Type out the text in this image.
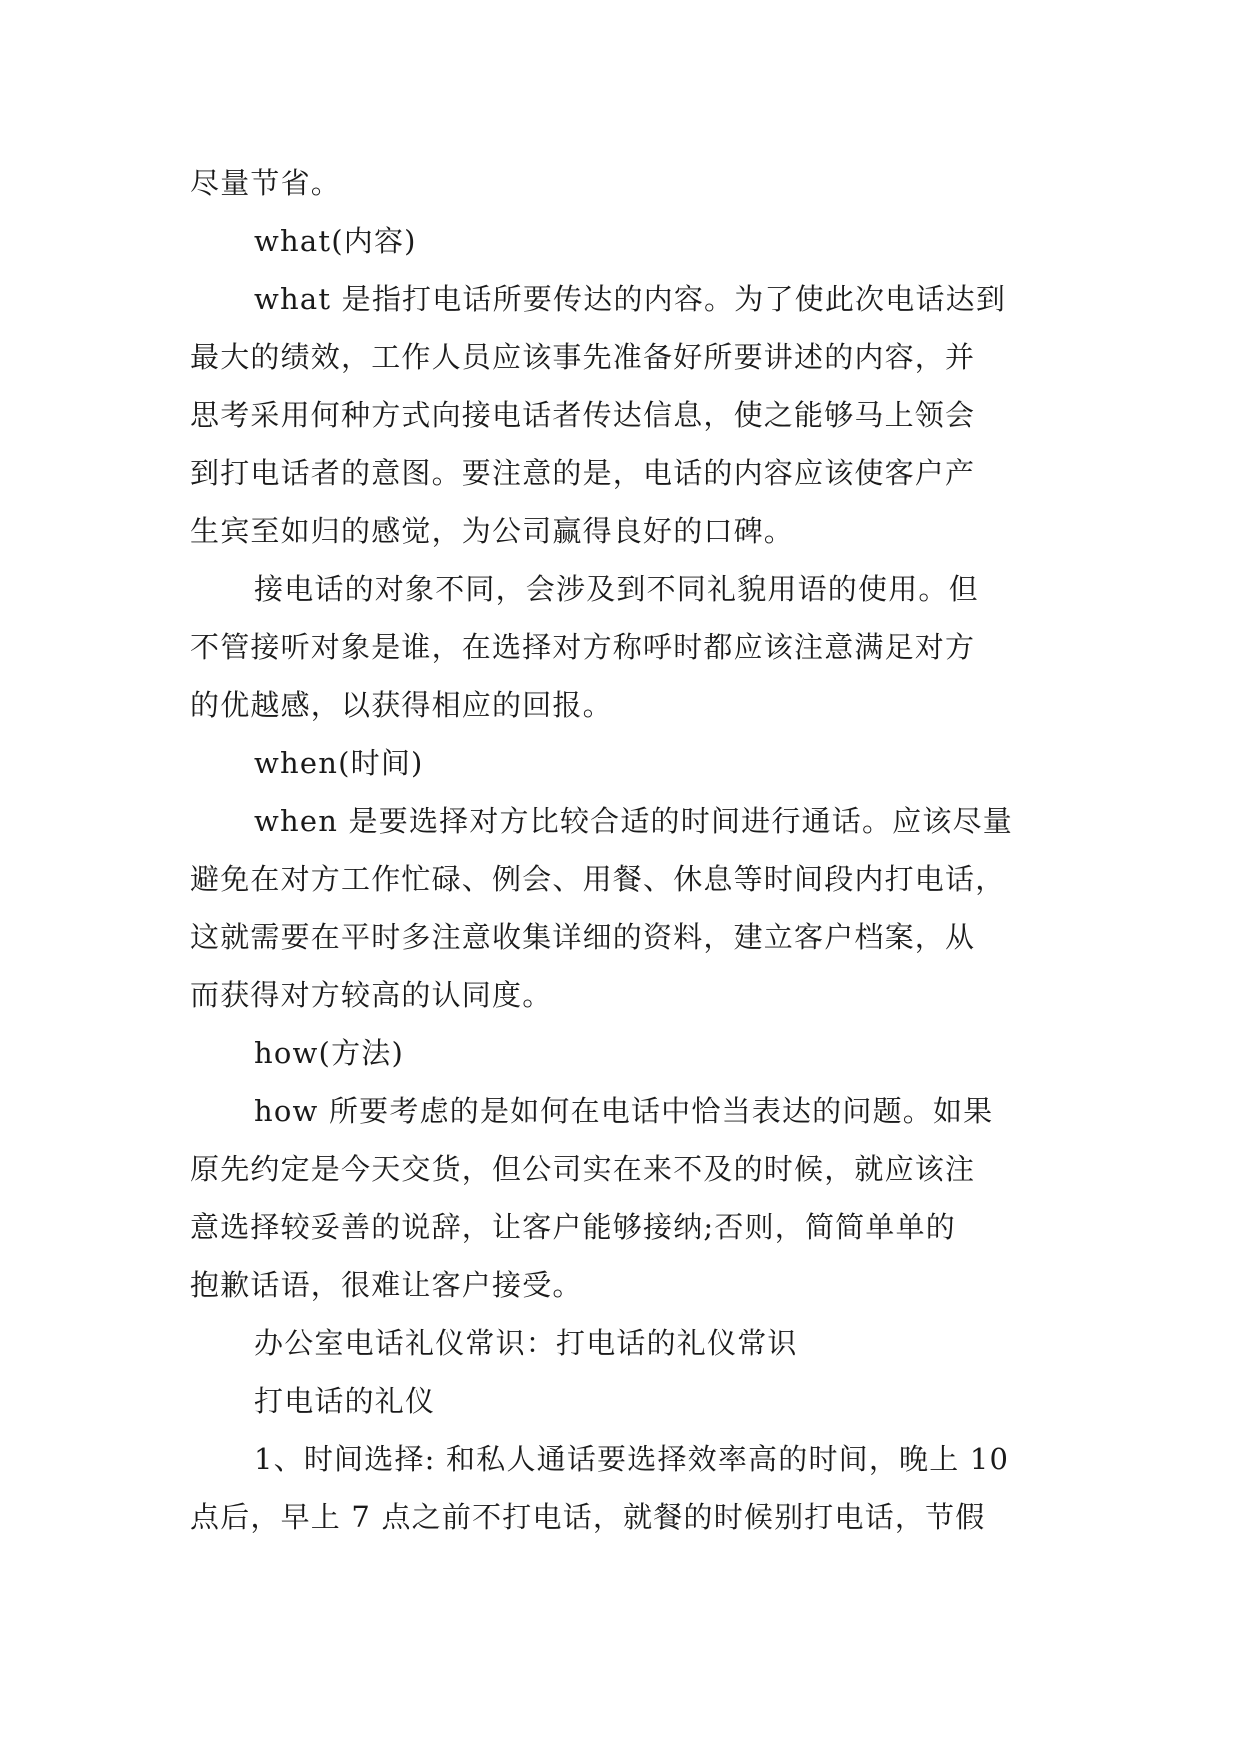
尽量节省。
what(内容)
what 是指打电话所要传达的内容。为了使此次电话达到
最大的绩效，工作人员应该事先准备好所要讲述的内容，并
思考采用何种方式向接电话者传达信息，使之能够马上领会
到打电话者的意图。要注意的是，电话的内容应该使客户产
生宾至如归的感觉，为公司赢得良好的口碑。
接电话的对象不同，会涉及到不同礼貌用语的使用。但
不管接听对象是谁，在选择对方称呼时都应该注意满足对方
的优越感，以获得相应的回报。
when(时间)
when 是要选择对方比较合适的时间进行通话。应该尽量
避免在对方工作忙碌、例会、用餐、休息等时间段内打电话，
这就需要在平时多注意收集详细的资料，建立客户档案，从
而获得对方较高的认同度。
how(方法)
how 所要考虑的是如何在电话中恰当表达的问题。如果
原先约定是今天交货，但公司实在来不及的时候，就应该注
意选择较妥善的说辞，让客户能够接纳;否则，简简单单的
抱歉话语，很难让客户接受。
办公室电话礼仪常识：打电话的礼仪常识
打电话的礼仪
1、时间选择: 和私人通话要选择效率高的时间，晚上 10
点后，早上 7 点之前不打电话，就餐的时候别打电话，节假
